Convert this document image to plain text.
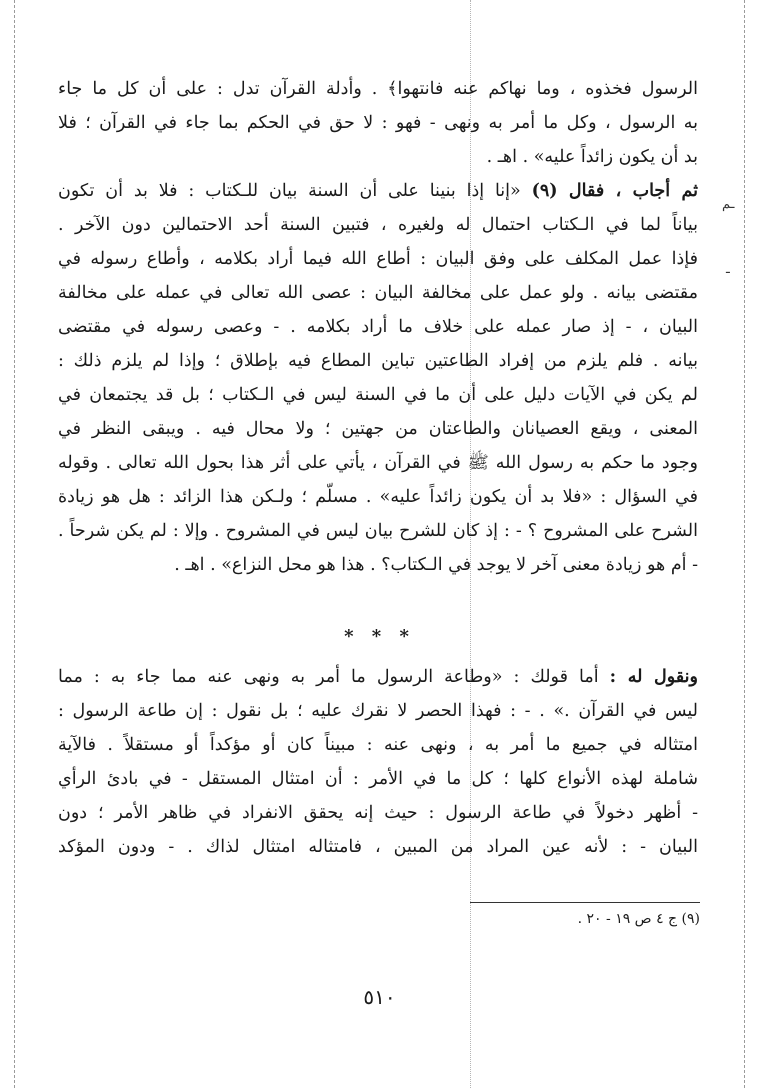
ـم
ـ
الرسول فخذوه ، وما نهاكم عنه فانتهوا﴾ . وأدلة القرآن تدل : على أن كل ما جاء
به الرسول ، وكل ما أمر به ونهى - فهو : لا حق في الحكم بما جاء في القرآن ؛ فلا
بد أن يكون زائداً عليه» . اهـ .
ثم أجاب ، فقال (٩) «إنا إذا بنينا على أن السنة بيان للـكتاب : فلا بد أن تكون
بياناً لما في الـكتاب احتمال له ولغيره ، فتبين السنة أحد الاحتمالين دون الآخر .
فإذا عمل المكلف على وفق البيان : أطاع الله فيما أراد بكلامه ، وأطاع رسوله في
مقتضى بيانه . ولو عمل على مخالفة البيان : عصى الله تعالى في عمله على مخالفة
البيان ، - إذ صار عمله على خلاف ما أراد بكلامه . - وعصى رسوله في مقتضى
بيانه . فلم يلزم من إفراد الطاعتين تباين المطاع فيه بإطلاق ؛ وإذا لم يلزم ذلك :
لم يكن في الآيات دليل على أن ما في السنة ليس في الـكتاب ؛ بل قد يجتمعان في
المعنى ، ويقع العصيانان والطاعتان من جهتين ؛ ولا محال فيه . ويبقى النظر في
وجود ما حكم به رسول الله ﷺ في القرآن ، يأتي على أثر هذا بحول الله تعالى . وقوله
في السؤال : «فلا بد أن يكون زائداً عليه» . مسلّم ؛ ولـكن هذا الزائد : هل هو زيادة
الشرح على المشروح ؟ - : إذ كان للشرح بيان ليس في المشروح . وإلا : لم يكن شرحاً .
- أم هو زيادة معنى آخر لا يوجد في الـكتاب؟ . هذا هو محل النزاع» . اهـ .
* * *
ونقول له : أما قولك : «وطاعة الرسول ما أمر به ونهى عنه مما جاء به : مما
ليس في القرآن .» . - : فهذا الحصر لا نقرك عليه ؛ بل نقول : إن طاعة الرسول :
امتثاله في جميع ما أمر به ، ونهى عنه : مبيناً كان أو مؤكداً أو مستقلاً . فالآية
شاملة لهذه الأنواع كلها ؛ كل ما في الأمر : أن امتثال المستقل - في بادئ الرأي
- أظهر دخولاً في طاعة الرسول : حيث إنه يحقق الانفراد في ظاهر الأمر ؛ دون
البيان - : لأنه عين المراد من المبين ، فامتثاله امتثال لذاك . - ودون المؤكد
(٩) ج ٤ ص ١٩ - ٢٠ .
٥١٠
